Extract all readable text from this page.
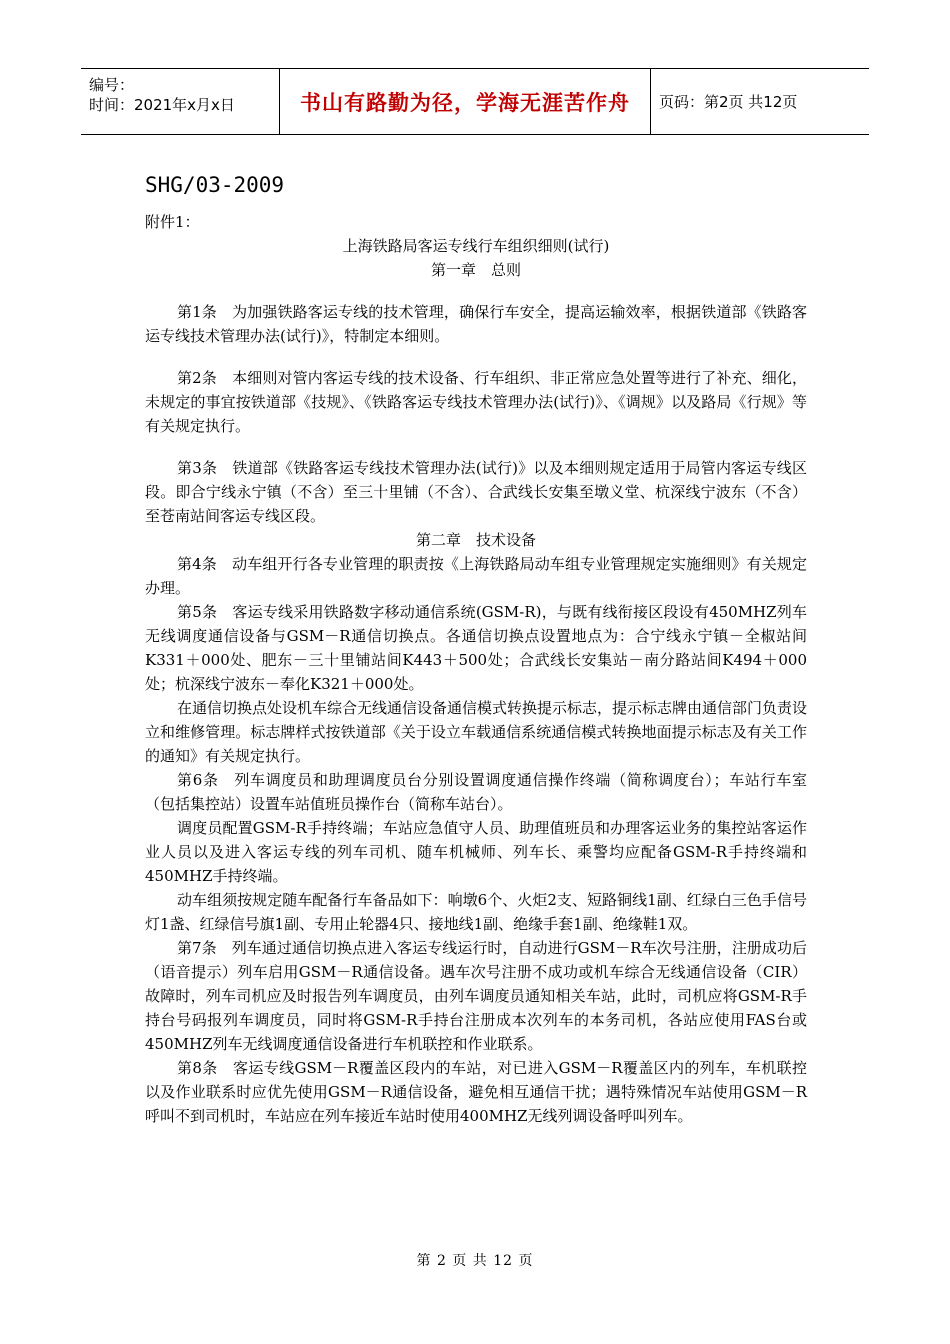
编号：
时间：2021年x月x日	书山有路勤为径，学海无涯苦作舟	页码：第2页 共12页
SHG/03-2009

附件1：

上海铁路局客运专线行车组织细则(试行)

第一章　总则

第1条　为加强铁路客运专线的技术管理，确保行车安全，提高运输效率，根据铁道部《铁路客运专线技术管理办法(试行)》，特制定本细则。

第2条　本细则对管内客运专线的技术设备、行车组织、非正常应急处置等进行了补充、细化，未规定的事宜按铁道部《技规》、《铁路客运专线技术管理办法(试行)》、《调规》以及路局《行规》等有关规定执行。

第3条　铁道部《铁路客运专线技术管理办法(试行)》以及本细则规定适用于局管内客运专线区段。即合宁线永宁镇（不含）至三十里铺（不含）、合武线长安集至墩义堂、杭深线宁波东（不含）至苍南站间客运专线区段。

第二章　技术设备

第4条　动车组开行各专业管理的职责按《上海铁路局动车组专业管理规定实施细则》有关规定办理。

第5条　客运专线采用铁路数字移动通信系统(GSM-R)，与既有线衔接区段设有450MHZ列车无线调度通信设备与GSM－R通信切换点。各通信切换点设置地点为：合宁线永宁镇－全椒站间K331＋000处、肥东－三十里铺站间K443＋500处；合武线长安集站－南分路站间K494＋000处；杭深线宁波东－奉化K321＋000处。

在通信切换点处设机车综合无线通信设备通信模式转换提示标志，提示标志牌由通信部门负责设立和维修管理。标志牌样式按铁道部《关于设立车载通信系统通信模式转换地面提示标志及有关工作的通知》有关规定执行。

第6条　列车调度员和助理调度员台分别设置调度通信操作终端（简称调度台）；车站行车室（包括集控站）设置车站值班员操作台（简称车站台）。

调度员配置GSM-R手持终端；车站应急值守人员、助理值班员和办理客运业务的集控站客运作业人员以及进入客运专线的列车司机、随车机械师、列车长、乘警均应配备GSM-R手持终端和450MHZ手持终端。

动车组须按规定随车配备行车备品如下：响墩6个、火炬2支、短路铜线1副、红绿白三色手信号灯1盏、红绿信号旗1副、专用止轮器4只、接地线1副、绝缘手套1副、绝缘鞋1双。

第7条　列车通过通信切换点进入客运专线运行时，自动进行GSM－R车次号注册，注册成功后（语音提示）列车启用GSM－R通信设备。遇车次号注册不成功或机车综合无线通信设备（CIR）故障时，列车司机应及时报告列车调度员，由列车调度员通知相关车站，此时，司机应将GSM-R手持台号码报列车调度员，同时将GSM-R手持台注册成本次列车的本务司机，各站应使用FAS台或450MHZ列车无线调度通信设备进行车机联控和作业联系。

第8条　客运专线GSM－R覆盖区段内的车站，对已进入GSM－R覆盖区内的列车，车机联控以及作业联系时应优先使用GSM－R通信设备，避免相互通信干扰；遇特殊情况车站使用GSM－R呼叫不到司机时，车站应在列车接近车站时使用400MHZ无线列调设备呼叫列车。

第 2 页 共 12 页
